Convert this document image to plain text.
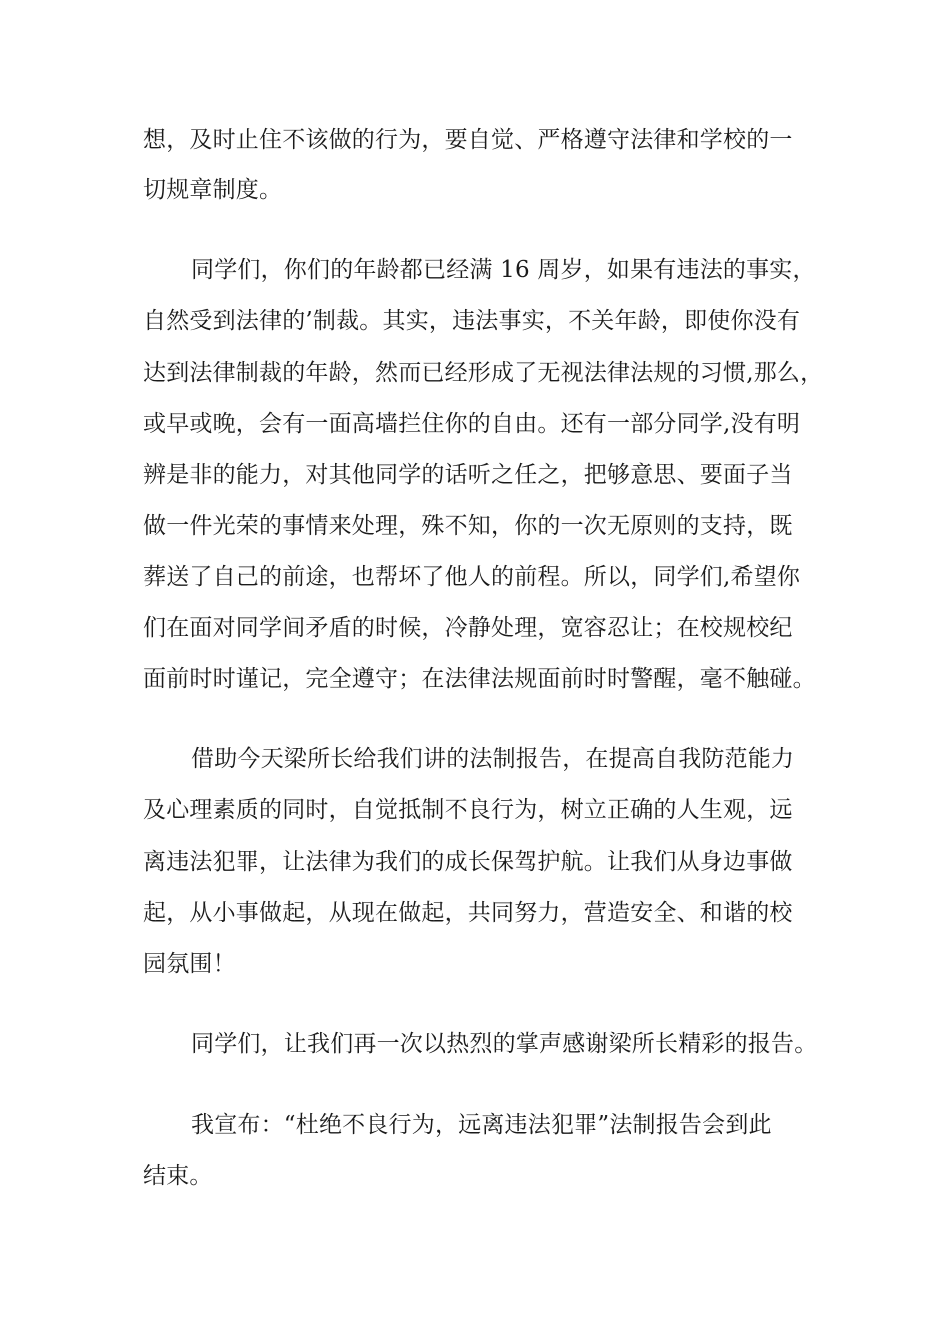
想，及时止住不该做的行为，要自觉、严格遵守法律和学校的一

切规章制度。

同学们，你们的年龄都已经满 16 周岁，如果有违法的事实，

自然受到法律的’制裁。其实，违法事实，不关年龄，即使你没有

达到法律制裁的年龄，然而已经形成了无视法律法规的习惯,那么，

或早或晚，会有一面高墙拦住你的自由。还有一部分同学,没有明

辨是非的能力，对其他同学的话听之任之，把够意思、要面子当

做一件光荣的事情来处理，殊不知，你的一次无原则的支持，既

葬送了自己的前途，也帮坏了他人的前程。所以，同学们,希望你

们在面对同学间矛盾的时候，冷静处理，宽容忍让；在校规校纪

面前时时谨记，完全遵守；在法律法规面前时时警醒，毫不触碰。

借助今天梁所长给我们讲的法制报告，在提高自我防范能力

及心理素质的同时，自觉抵制不良行为，树立正确的人生观，远

离违法犯罪，让法律为我们的成长保驾护航。让我们从身边事做

起，从小事做起，从现在做起，共同努力，营造安全、和谐的校

园氛围！

同学们，让我们再一次以热烈的掌声感谢梁所长精彩的报告。

我宣布：“杜绝不良行为，远离违法犯罪”法制报告会到此

结束。
